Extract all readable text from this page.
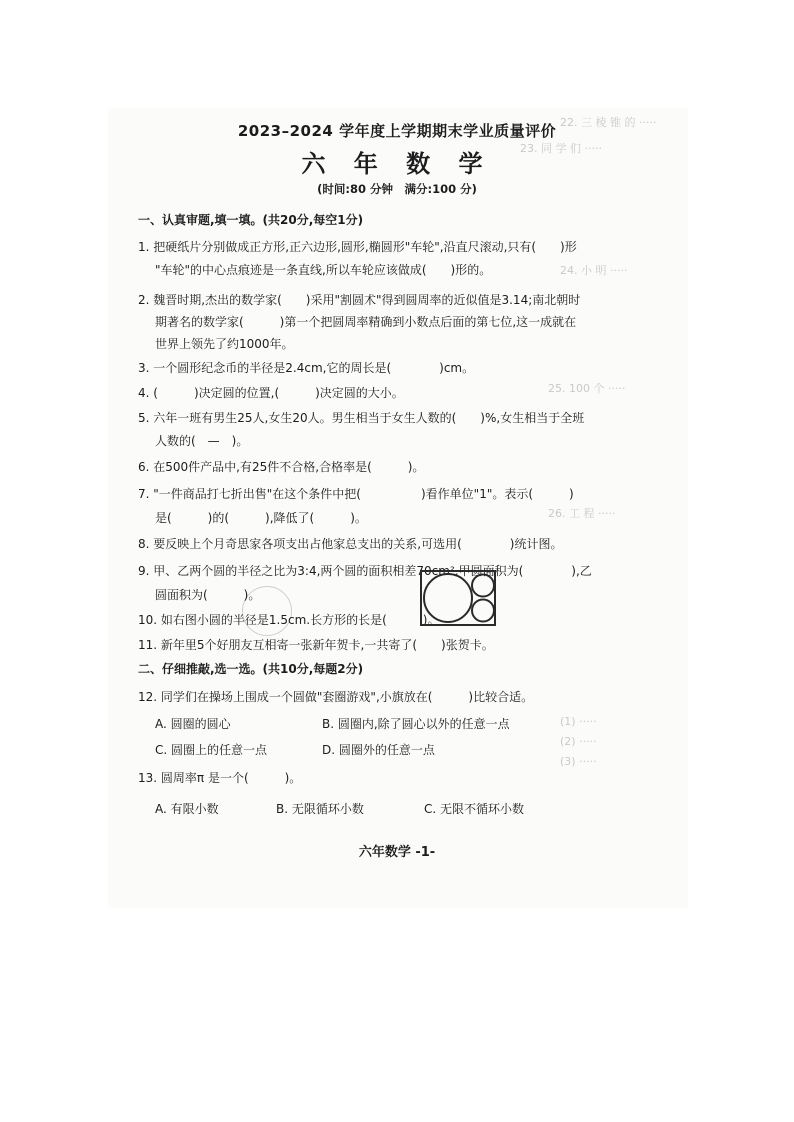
22. 三 棱 锥 的 ·····
23. 同 学 们 ·····
24. 小 明 ·····
25. 100 个 ·····
26. 工 程 ·····
(1) ·····
(2) ·····
(3) ·····
2023–2024 学年度上学期期末学业质量评价
六 年 数 学
(时间:80 分钟　满分:100 分)
一、认真审题,填一填。(共20分,每空1分)
1. 把硬纸片分别做成正方形,正六边形,圆形,椭圆形"车轮",沿直尺滚动,只有(　　)形
"车轮"的中心点痕迹是一条直线,所以车轮应该做成(　　)形的。
2. 魏晋时期,杰出的数学家(　　)采用"割圆术"得到圆周率的近似值是3.14;南北朝时
期著名的数学家(　　　)第一个把圆周率精确到小数点后面的第七位,这一成就在
世界上领先了约1000年。
3. 一个圆形纪念币的半径是2.4cm,它的周长是(　　　　)cm。
4. (　　　)决定圆的位置,(　　　)决定圆的大小。
5. 六年一班有男生25人,女生20人。男生相当于女生人数的(　　)%,女生相当于全班
人数的(　—　)。
6. 在500件产品中,有25件不合格,合格率是(　　　)。
7. "一件商品打七折出售"在这个条件中把(　　　　　)看作单位"1"。表示(　　　)
是(　　　)的(　　　),降低了(　　　)。
8. 要反映上个月奇思家各项支出占他家总支出的关系,可选用(　　　　)统计图。
9. 甲、乙两个圆的半径之比为3:4,两个圆的面积相差70cm²,甲圆面积为(　　　　),乙
圆面积为(　　　)。
10. 如右图小圆的半径是1.5cm.长方形的长是(　　　)。
11. 新年里5个好朋友互相寄一张新年贺卡,一共寄了(　　)张贺卡。
二、仔细推敲,选一选。(共10分,每题2分)
12. 同学们在操场上围成一个圆做"套圈游戏",小旗放在(　　　)比较合适。
A. 圆圈的圆心	B. 圆圈内,除了圆心以外的任意一点
C. 圆圈上的任意一点	D. 圆圈外的任意一点
13. 圆周率π 是一个(　　　)。
A. 有限小数	B. 无限循环小数	C. 无限不循环小数
六年数学 -1-
